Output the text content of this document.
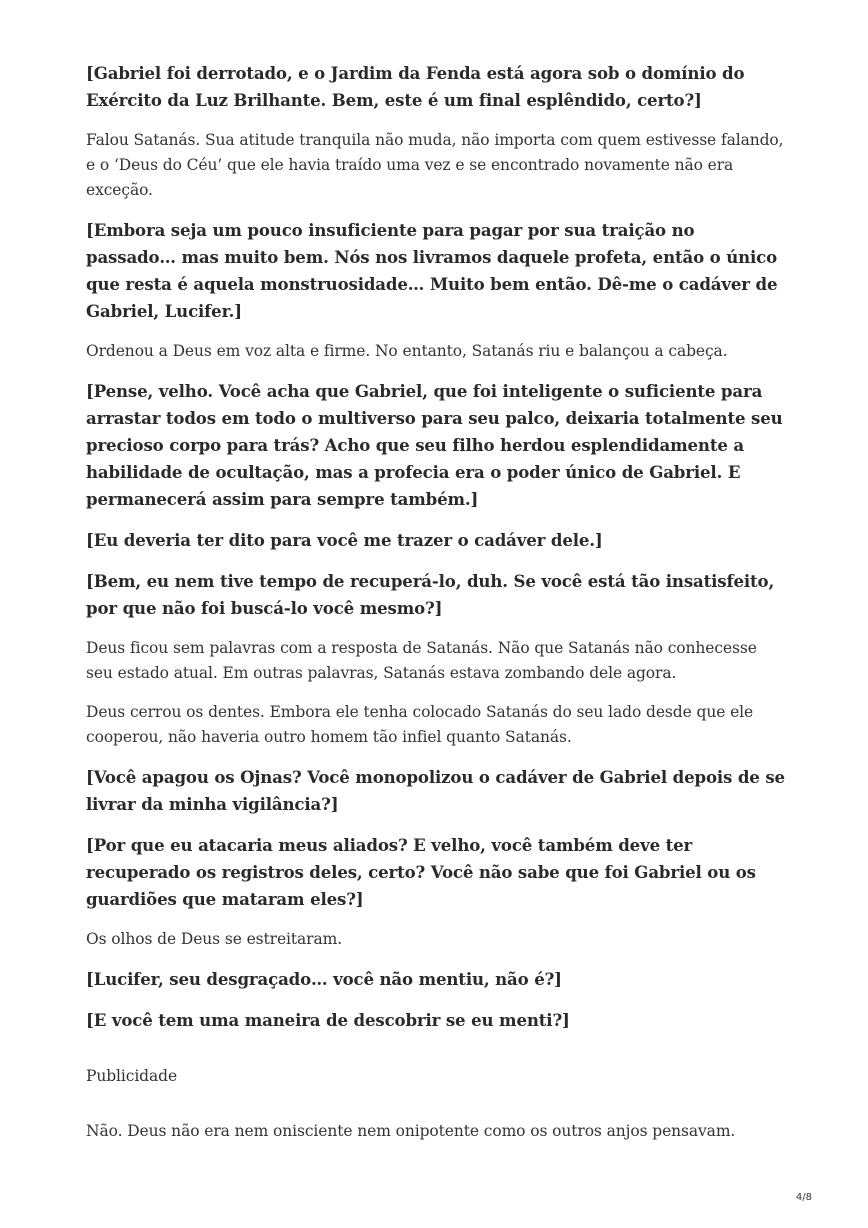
[Gabriel foi derrotado, e o Jardim da Fenda está agora sob o domínio do Exército da Luz Brilhante. Bem, este é um final esplêndido, certo?]

Falou Satanás. Sua atitude tranquila não muda, não importa com quem estivesse falando, e o ‘Deus do Céu’ que ele havia traído uma vez e se encontrado novamente não era exceção.

[Embora seja um pouco insuficiente para pagar por sua traição no passado… mas muito bem. Nós nos livramos daquele profeta, então o único que resta é aquela monstruosidade… Muito bem então. Dê-me o cadáver de Gabriel, Lucifer.]

Ordenou a Deus em voz alta e firme. No entanto, Satanás riu e balançou a cabeça.

[Pense, velho. Você acha que Gabriel, que foi inteligente o suficiente para arrastar todos em todo o multiverso para seu palco, deixaria totalmente seu precioso corpo para trás? Acho que seu filho herdou esplendidamente a habilidade de ocultação, mas a profecia era o poder único de Gabriel. E permanecerá assim para sempre também.]

[Eu deveria ter dito para você me trazer o cadáver dele.]

[Bem, eu nem tive tempo de recuperá-lo, duh. Se você está tão insatisfeito, por que não foi buscá-lo você mesmo?]

Deus ficou sem palavras com a resposta de Satanás. Não que Satanás não conhecesse seu estado atual. Em outras palavras, Satanás estava zombando dele agora.

Deus cerrou os dentes. Embora ele tenha colocado Satanás do seu lado desde que ele cooperou, não haveria outro homem tão infiel quanto Satanás.

[Você apagou os Ojnas? Você monopolizou o cadáver de Gabriel depois de se livrar da minha vigilância?]

[Por que eu atacaria meus aliados? E velho, você também deve ter recuperado os registros deles, certo? Você não sabe que foi Gabriel ou os guardiões que mataram eles?]

Os olhos de Deus se estreitaram.

[Lucifer, seu desgraçado… você não mentiu, não é?]

[E você tem uma maneira de descobrir se eu menti?]

Publicidade

Não. Deus não era nem onisciente nem onipotente como os outros anjos pensavam.

4/8
